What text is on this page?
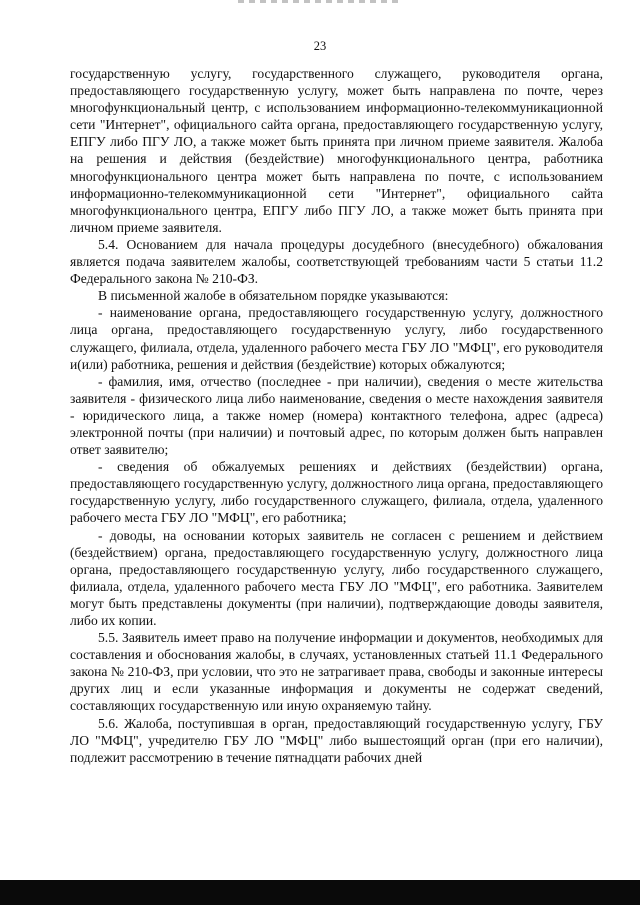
23

государственную услугу, государственного служащего, руководителя органа, предоставляющего государственную услугу, может быть направлена по почте, через многофункциональный центр, с использованием информационно-телекоммуникационной сети "Интернет", официального сайта органа, предоставляющего государственную услугу, ЕПГУ либо ПГУ ЛО, а также может быть принята при личном приеме заявителя. Жалоба на решения и действия (бездействие) многофункционального центра, работника многофункционального центра может быть направлена по почте, с использованием информационно-телекоммуникационной сети "Интернет", официального сайта многофункционального центра, ЕПГУ либо ПГУ ЛО, а также может быть принята при личном приеме заявителя.

5.4. Основанием для начала процедуры досудебного (внесудебного) обжалования является подача заявителем жалобы, соответствующей требованиям части 5 статьи 11.2 Федерального закона № 210-ФЗ.

В письменной жалобе в обязательном порядке указываются:

- наименование органа, предоставляющего государственную услугу, должностного лица органа, предоставляющего государственную услугу, либо государственного служащего, филиала, отдела, удаленного рабочего места ГБУ ЛО "МФЦ", его руководителя и(или) работника, решения и действия (бездействие) которых обжалуются;

- фамилия, имя, отчество (последнее - при наличии), сведения о месте жительства заявителя - физического лица либо наименование, сведения о месте нахождения заявителя - юридического лица, а также номер (номера) контактного телефона, адрес (адреса) электронной почты (при наличии) и почтовый адрес, по которым должен быть направлен ответ заявителю;

- сведения об обжалуемых решениях и действиях (бездействии) органа, предоставляющего государственную услугу, должностного лица органа, предоставляющего государственную услугу, либо государственного служащего, филиала, отдела, удаленного рабочего места ГБУ ЛО "МФЦ", его работника;

- доводы, на основании которых заявитель не согласен с решением и действием (бездействием) органа, предоставляющего государственную услугу, должностного лица органа, предоставляющего государственную услугу, либо государственного служащего, филиала, отдела, удаленного рабочего места ГБУ ЛО "МФЦ", его работника. Заявителем могут быть представлены документы (при наличии), подтверждающие доводы заявителя, либо их копии.

5.5. Заявитель имеет право на получение информации и документов, необходимых для составления и обоснования жалобы, в случаях, установленных статьей 11.1 Федерального закона № 210-ФЗ, при условии, что это не затрагивает права, свободы и законные интересы других лиц и если указанные информация и документы не содержат сведений, составляющих государственную или иную охраняемую тайну.

5.6. Жалоба, поступившая в орган, предоставляющий государственную услугу, ГБУ ЛО "МФЦ", учредителю ГБУ ЛО "МФЦ" либо вышестоящий орган (при его наличии), подлежит рассмотрению в течение пятнадцати рабочих дней
